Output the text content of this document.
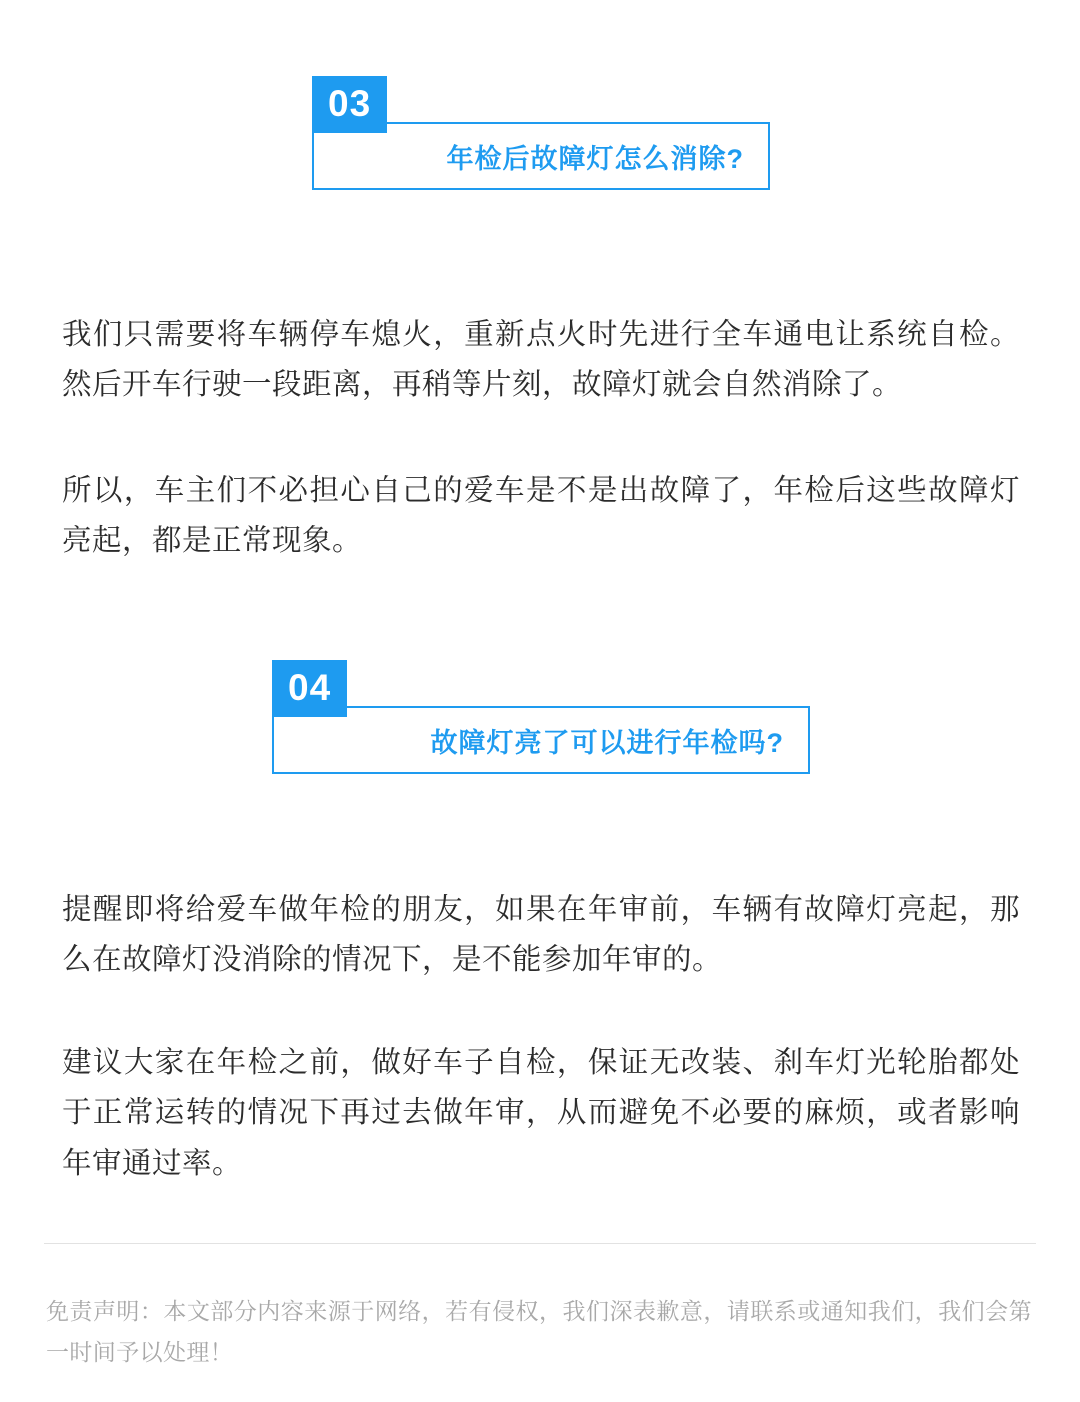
03
年检后故障灯怎么消除?

我们只需要将车辆停车熄火，重新点火时先进行全车通电让系统自检。然后开车行驶一段距离，再稍等片刻，故障灯就会自然消除了。

所以，车主们不必担心自己的爱车是不是出故障了，年检后这些故障灯亮起，都是正常现象。

04
故障灯亮了可以进行年检吗?

提醒即将给爱车做年检的朋友，如果在年审前，车辆有故障灯亮起，那么在故障灯没消除的情况下，是不能参加年审的。

建议大家在年检之前，做好车子自检，保证无改装、刹车灯光轮胎都处于正常运转的情况下再过去做年审，从而避免不必要的麻烦，或者影响年审通过率。

免责声明：本文部分内容来源于网络，若有侵权，我们深表歉意，请联系或通知我们，我们会第一时间予以处理！
